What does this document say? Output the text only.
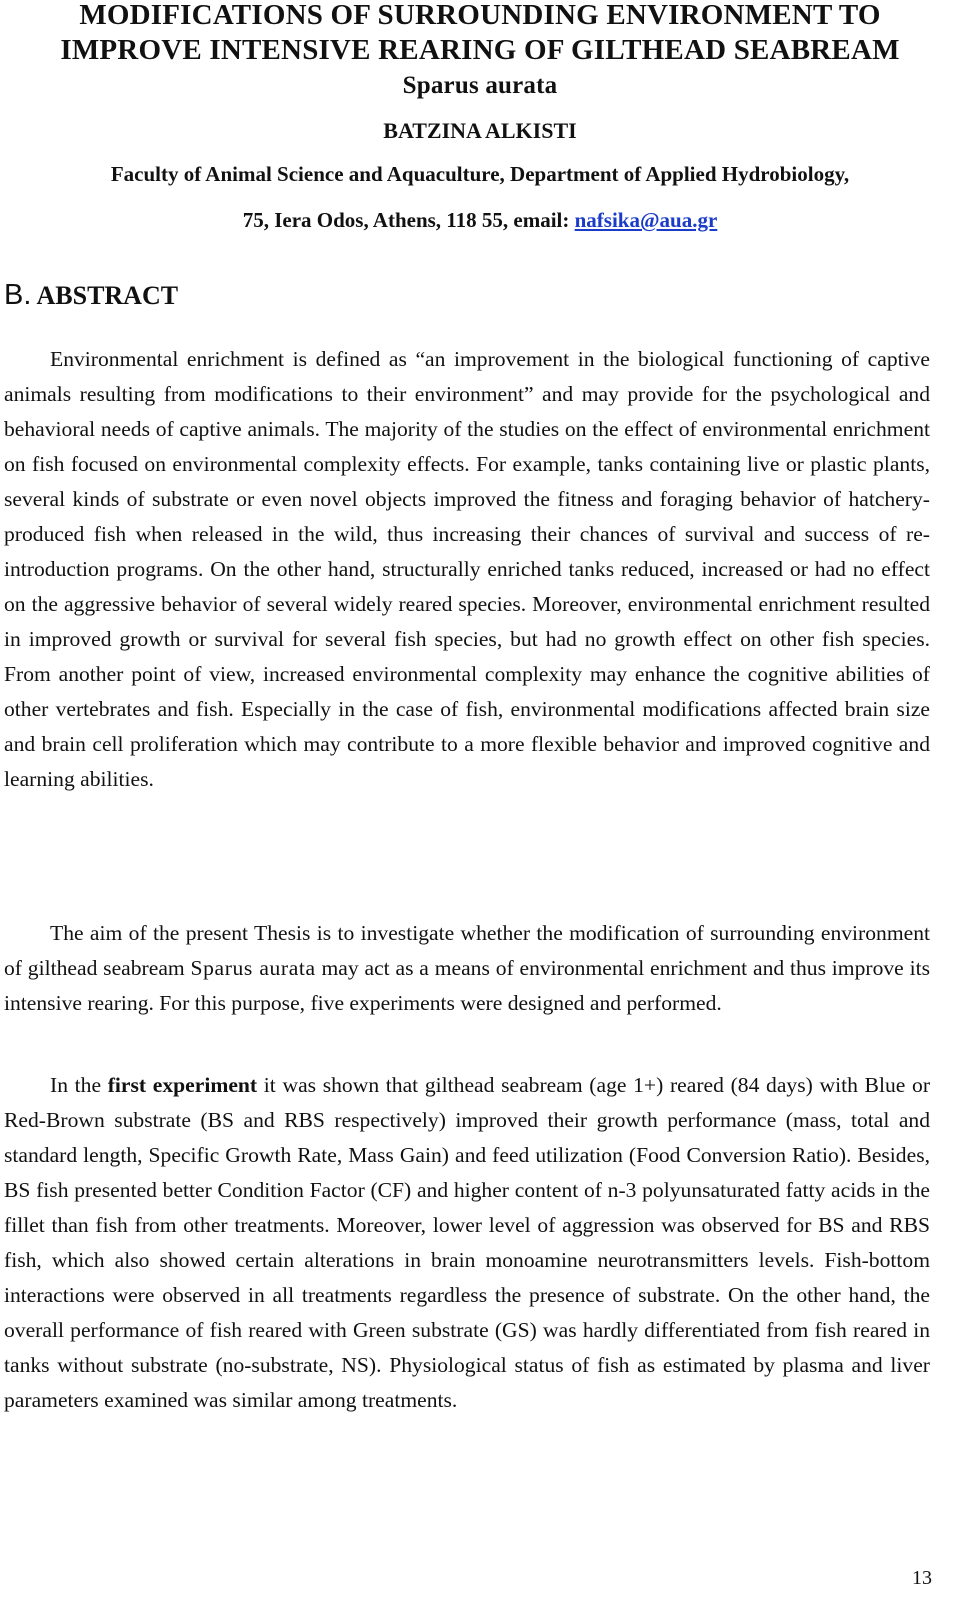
MODIFICATIONS OF SURROUNDING ENVIRONMENT TO
IMPROVE INTENSIVE REARING OF GILTHEAD SEABREAM
Sparus aurata
BATZINA ALKISTI
Faculty of Animal Science and Aquaculture, Department of Applied Hydrobiology,
75, Iera Odos, Athens, 118 55, email: nafsika@aua.gr
B. ABSTRACT

Environmental enrichment is defined as “an improvement in the biological functioning of captive animals resulting from modifications to their environment” and may provide for the psychological and behavioral needs of captive animals. The majority of the studies on the effect of environmental enrichment on fish focused on environmental complexity effects. For example, tanks containing live or plastic plants, several kinds of substrate or even novel objects improved the fitness and foraging behavior of hatchery-produced fish when released in the wild, thus increasing their chances of survival and success of re-introduction programs. On the other hand, structurally enriched tanks reduced, increased or had no effect on the aggressive behavior of several widely reared species. Moreover, environmental enrichment resulted in improved growth or survival for several fish species, but had no growth effect on other fish species. From another point of view, increased environmental complexity may enhance the cognitive abilities of other vertebrates and fish. Especially in the case of fish, environmental modifications affected brain size and brain cell proliferation which may contribute to a more flexible behavior and improved cognitive and learning abilities.

The aim of the present Thesis is to investigate whether the modification of surrounding environment of gilthead seabream Sparus aurata may act as a means of environmental enrichment and thus improve its intensive rearing. For this purpose, five experiments were designed and performed.

In the first experiment it was shown that gilthead seabream (age 1+) reared (84 days) with Blue or Red-Brown substrate (BS and RBS respectively) improved their growth performance (mass, total and standard length, Specific Growth Rate, Mass Gain) and feed utilization (Food Conversion Ratio). Besides, BS fish presented better Condition Factor (CF) and higher content of n-3 polyunsaturated fatty acids in the fillet than fish from other treatments. Moreover, lower level of aggression was observed for BS and RBS fish, which also showed certain alterations in brain monoamine neurotransmitters levels. Fish-bottom interactions were observed in all treatments regardless the presence of substrate. On the other hand, the overall performance of fish reared with Green substrate (GS) was hardly differentiated from fish reared in tanks without substrate (no-substrate, NS). Physiological status of fish as estimated by plasma and liver parameters examined was similar among treatments.

13
